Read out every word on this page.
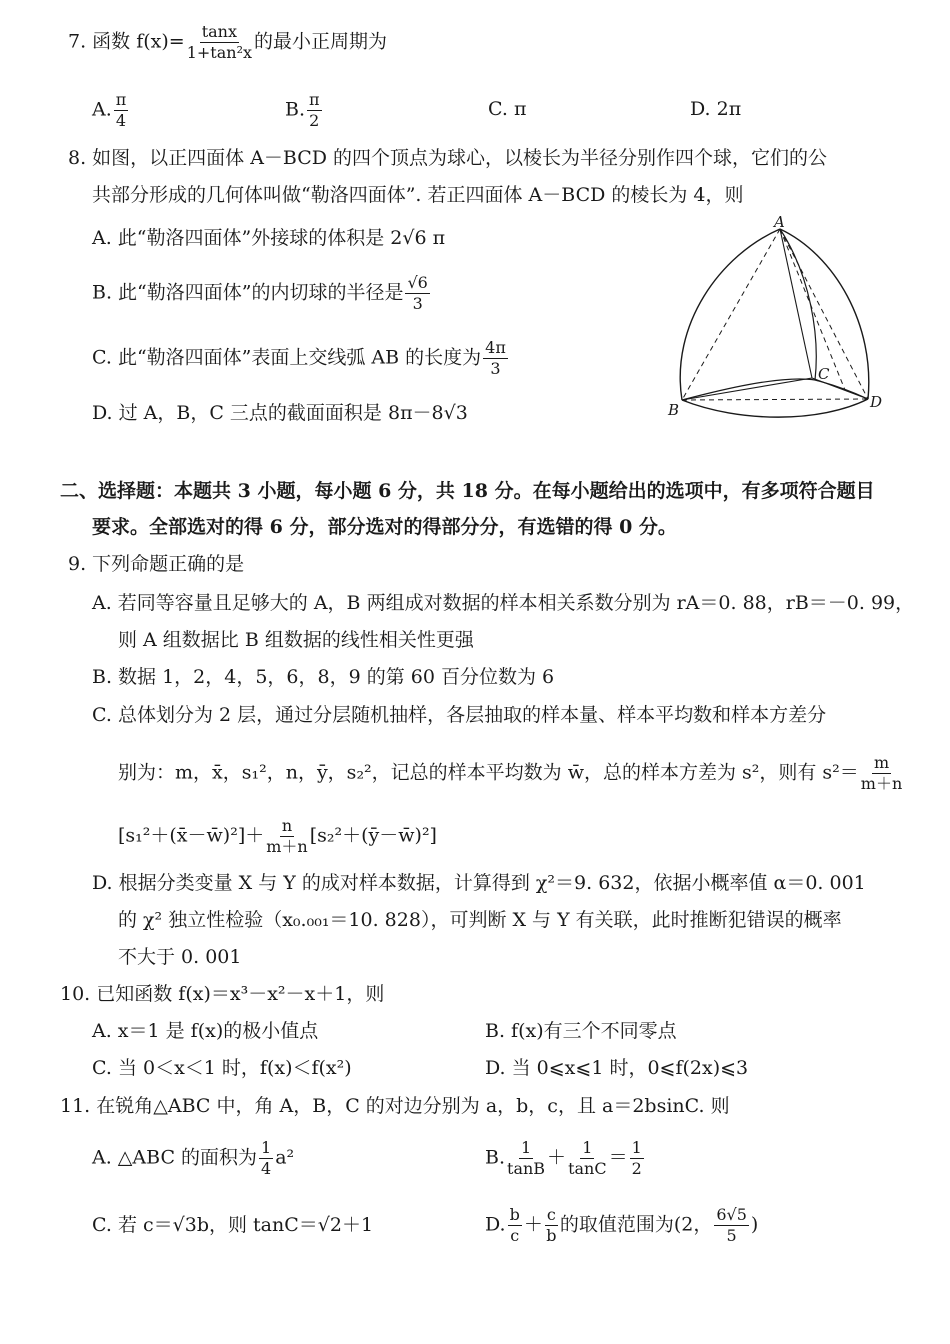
7. 函数 $f(x)= \frac{\tan x}{\text{1+tan²x}}$ 的最小正周期为
A. $\frac{\pi}{4}$	B. $\frac{\pi}{2}$	C. π	D. 2π
8. 如图，以正四面体 A－BCD 的四个顶点为球心，以棱长为半径分别作四个球，它们的公
共部分形成的几何体叫做“勒洛四面体”. 若正四面体 A－BCD 的棱长为 4，则
A. 此“勒洛四面体”外接球的体积是 2√6 π
B. 此“勒洛四面体”的内切球的半径是 $\frac{√6}{3}$
C. 此“勒洛四面体”表面上交线弧 AB 的长度为 $\frac{4\pi}{3}$
D. 过 A，B，C 三点的截面面积是 8π－8√3
A
B
C
D
二、选择题：本题共 3 小题，每小题 6 分，共 18 分。在每小题给出的选项中，有多项符合题目
要求。全部选对的得 6 分，部分选对的得部分分，有选错的得 0 分。
9. 下列命题正确的是
A. 若同等容量且足够大的 A，B 两组成对数据的样本相关系数分别为 rA＝0. 88，rB＝－0. 99，
则 A 组数据比 B 组数据的线性相关性更强
B. 数据 1，2，4，5，6，8，9 的第 60 百分位数为 6
C. 总体划分为 2 层，通过分层随机抽样，各层抽取的样本量、样本平均数和样本方差分
别为：m，x̄，s₁²，n，ȳ，s₂²，记总的样本平均数为 w̄，总的样本方差为 s²，则有 $s^2= \frac{m}{m+n}$
[s₁²＋(x̄－w̄)²]＋ $\frac{n}{m+n}$ [s₂²＋(ȳ－w̄)²]
D. 根据分类变量 X 与 Y 的成对样本数据，计算得到 χ²＝9. 632，依据小概率值 α＝0. 001
的 χ² 独立性检验（x₀.₀₀₁＝10. 828），可判断 X 与 Y 有关联，此时推断犯错误的概率
不大于 0. 001
10. 已知函数 f(x)＝x³－x²－x＋1，则
A. x＝1 是 f(x)的极小值点	B. f(x)有三个不同零点
C. 当 0＜x＜1 时，f(x)＜f(x²)	D. 当 0⩽x⩽1 时，0⩽f(2x)⩽3
11. 在锐角△ABC 中，角 A，B，C 的对边分别为 a，b，c，且 a＝2bsinC. 则
A. △ABC 的面积为 $\frac{1}{4} a^2$	B. $\frac{1}{\tan B} + \frac{1}{\tan C} = \frac{1}{2}$
C. 若 c＝√3b，则 tanC＝√2＋1	D. $\frac{b}{c} + \frac{c}{b}$ 的取值范围为(2， $\frac{6√5}{5}$ )
